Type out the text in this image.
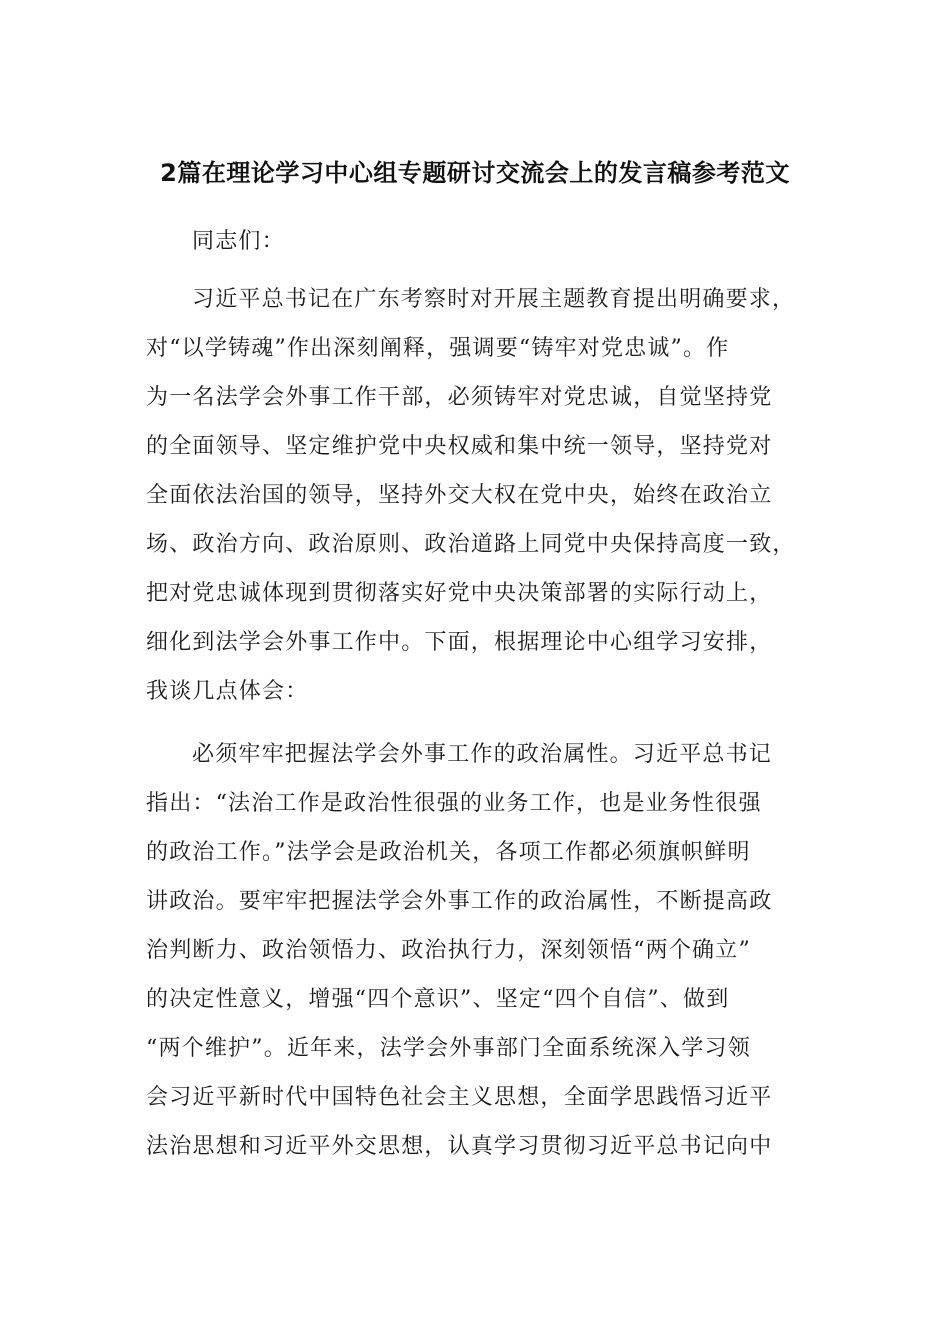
2篇在理论学习中心组专题研讨交流会上的发言稿参考范文
同志们：
习近平总书记在广东考察时对开展主题教育提出明确要求，
对“以学铸魂”作出深刻阐释，强调要“铸牢对党忠诚”。作
为一名法学会外事工作干部，必须铸牢对党忠诚，自觉坚持党
的全面领导、坚定维护党中央权威和集中统一领导，坚持党对
全面依法治国的领导，坚持外交大权在党中央，始终在政治立
场、政治方向、政治原则、政治道路上同党中央保持高度一致，
把对党忠诚体现到贯彻落实好党中央决策部署的实际行动上，
细化到法学会外事工作中。下面，根据理论中心组学习安排，
我谈几点体会：
必须牢牢把握法学会外事工作的政治属性。习近平总书记
指出：“法治工作是政治性很强的业务工作，也是业务性很强
的政治工作。”法学会是政治机关，各项工作都必须旗帜鲜明
讲政治。要牢牢把握法学会外事工作的政治属性，不断提高政
治判断力、政治领悟力、政治执行力，深刻领悟“两个确立”
的决定性意义，增强“四个意识”、坚定“四个自信”、做到
“两个维护”。近年来，法学会外事部门全面系统深入学习领
会习近平新时代中国特色社会主义思想，全面学思践悟习近平
法治思想和习近平外交思想，认真学习贯彻习近平总书记向中
